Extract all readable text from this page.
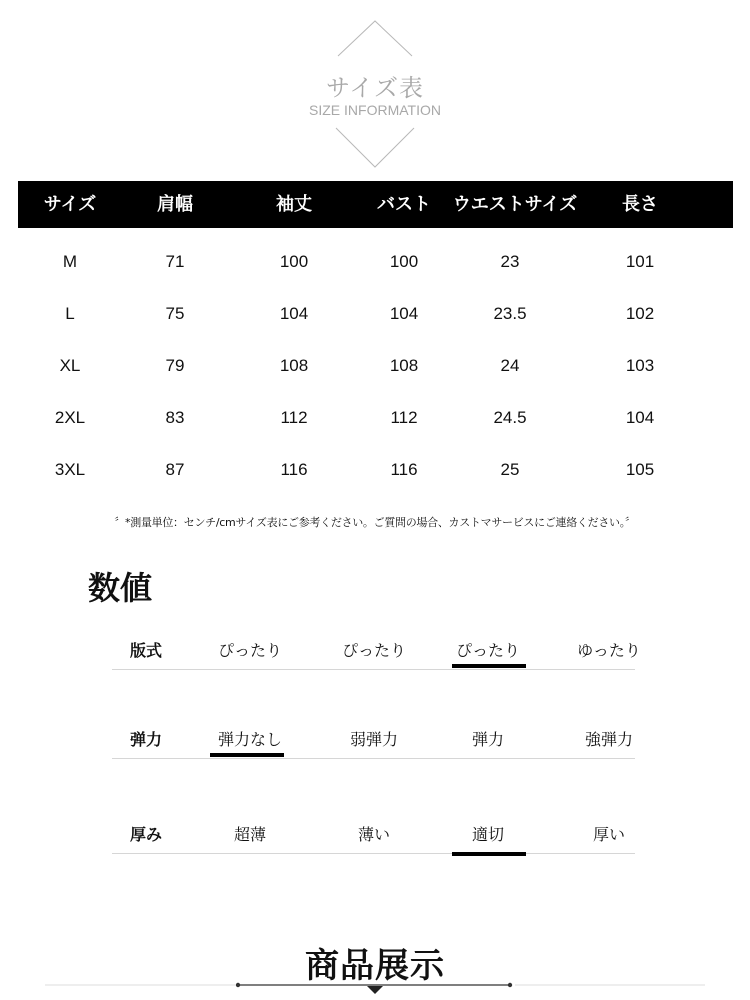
サイズ表
SIZE INFORMATION
サイズ	肩幅	袖丈	バスト	ウエストサイズ	長さ
M	71	100	100	23	101
L	75	104	104	23.5	102
XL	79	108	108	24	103
2XL	83	112	112	24.5	104
3XL	87	116	116	25	105
〞*測量単位：センチ/cmサイズ表にご参考ください。ご質問の場合、カストマサービスにご連絡ください。〞
数値
版式	ぴったり	ぴったり	ぴったり	ゆったり
弹力	弾力なし	弱弾力	弾力	強弾力
厚み	超薄	薄い	適切	厚い
商品展示
